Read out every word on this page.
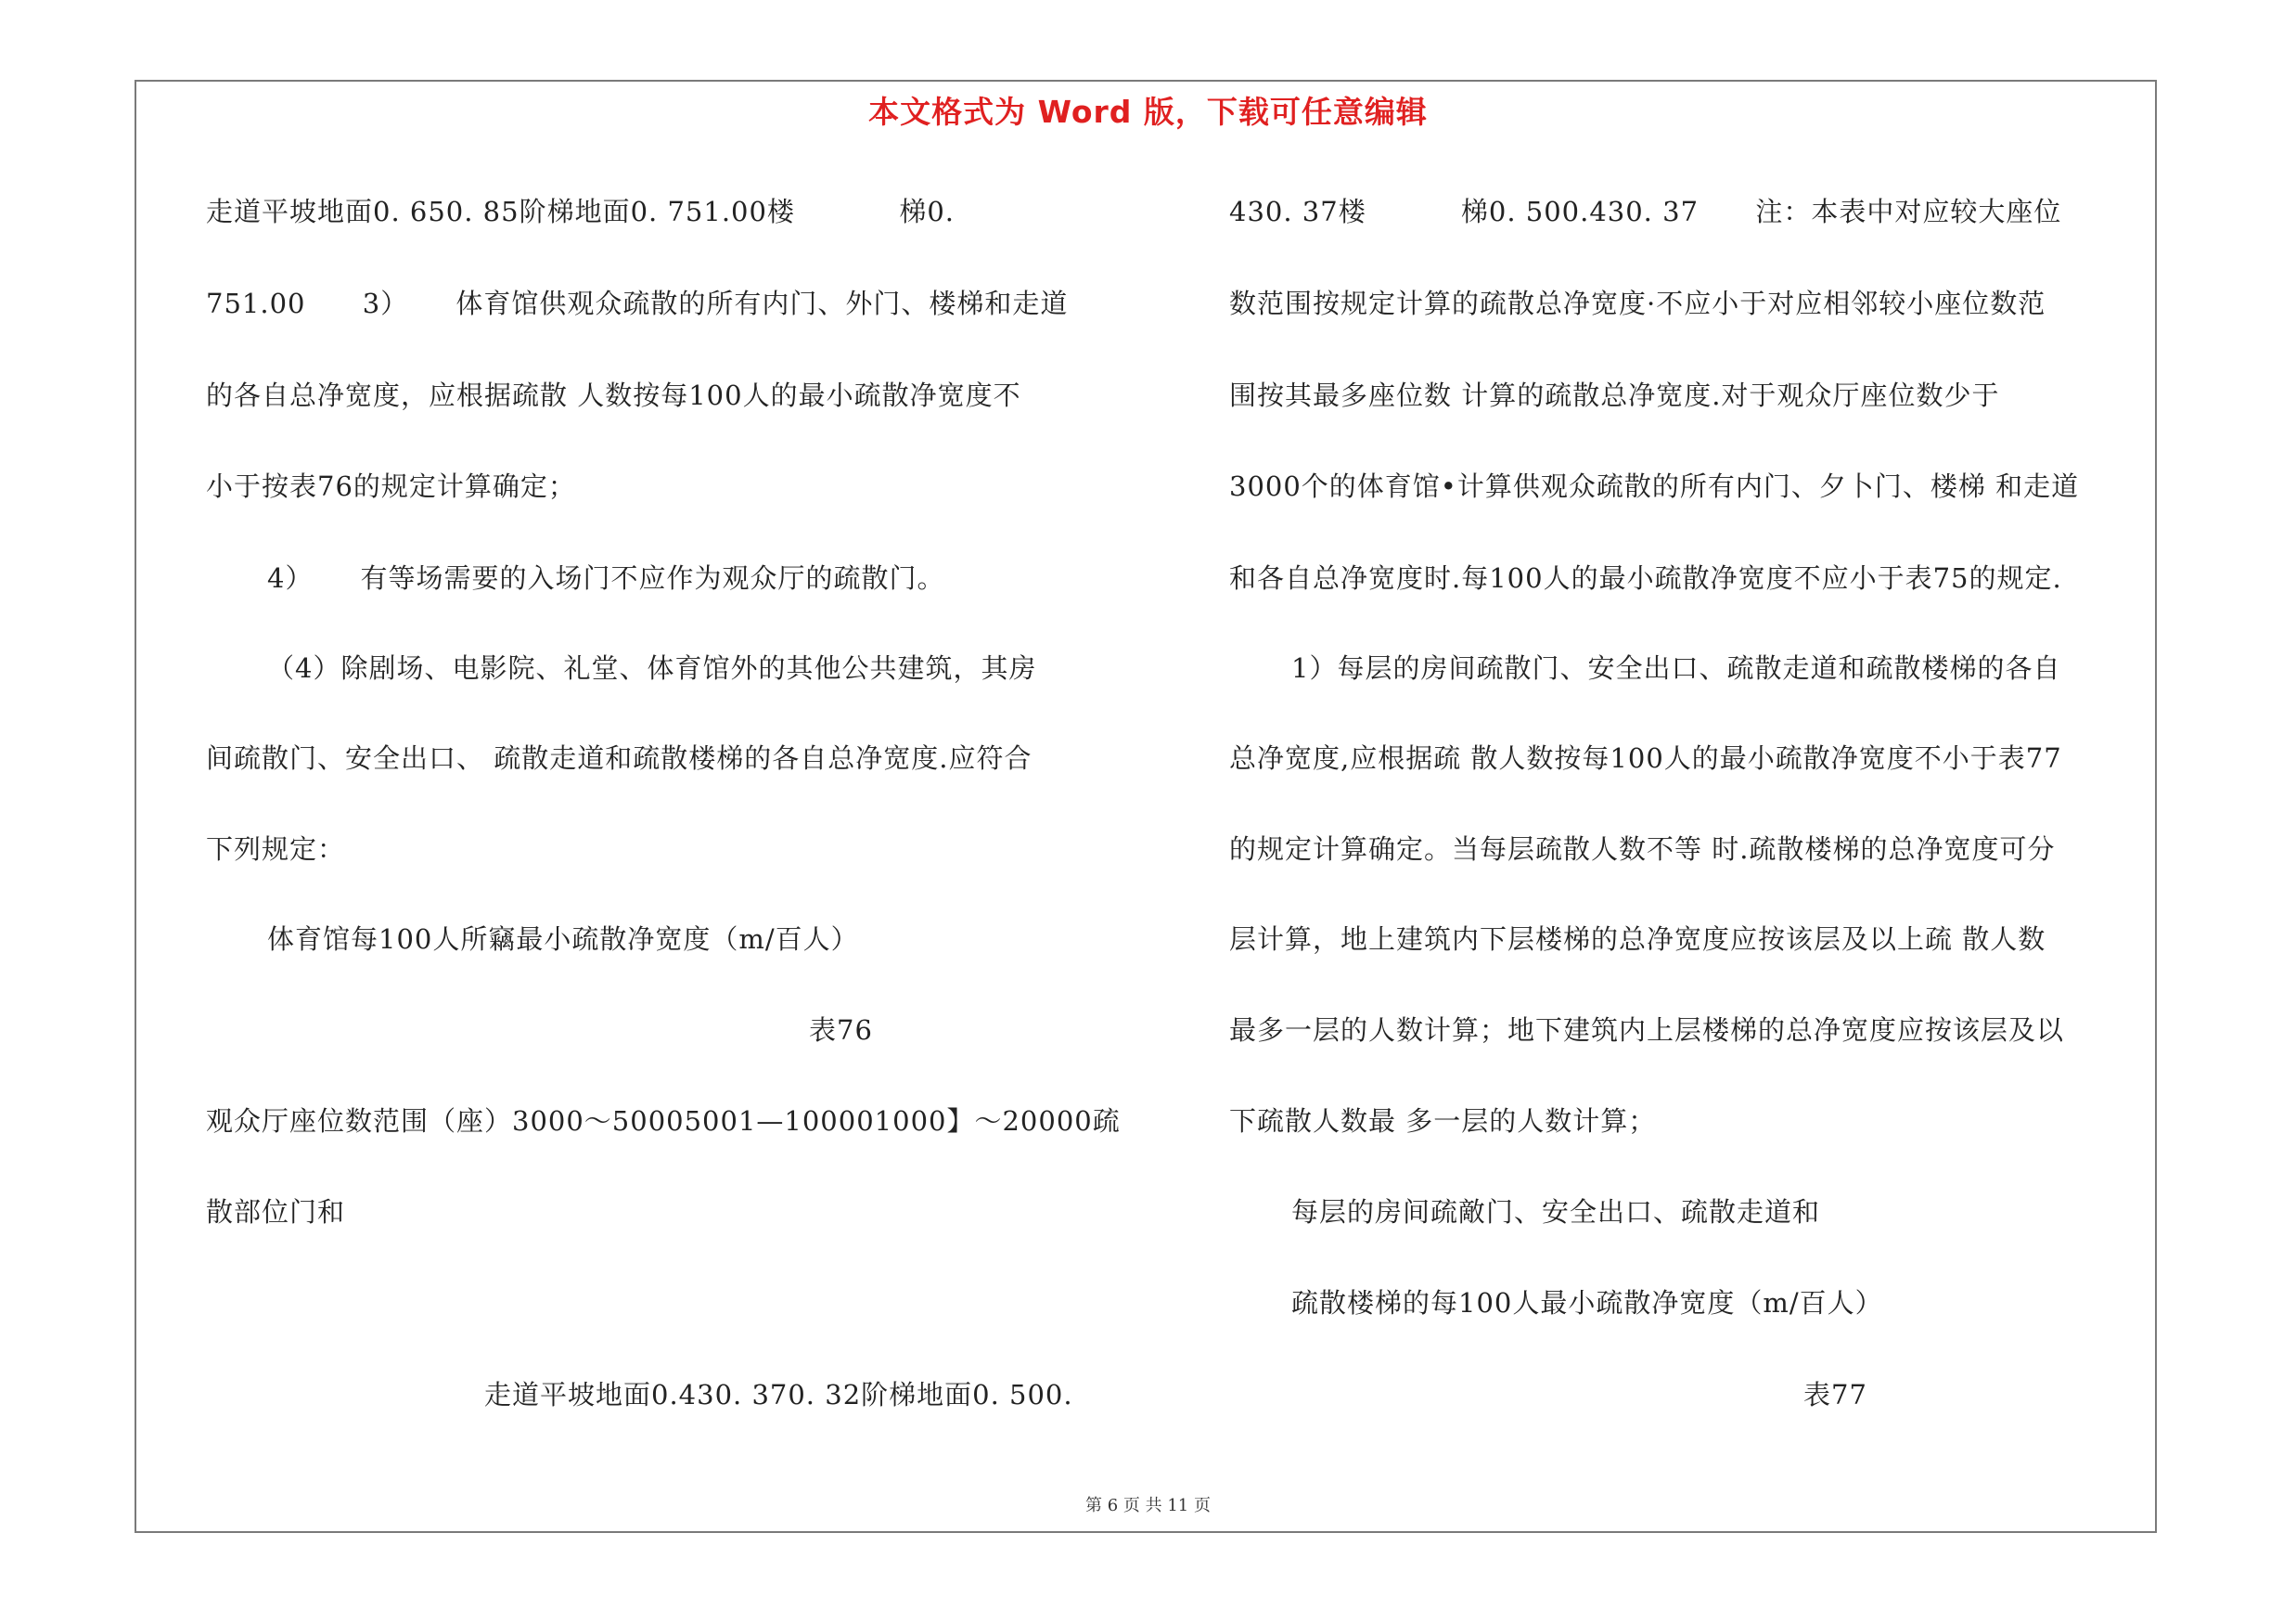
本文格式为 Word 版，下载可任意编辑
走道平坡地面0. 650. 85阶梯地面0. 751.00楼           梯0.
751.00      3）     体育馆供观众疏散的所有内门、外门、楼梯和走道
的各自总净宽度，应根据疏散 人数按每100人的最小疏散净宽度不
小于按表76的规定计算确定；
4）     有等场需要的入场门不应作为观众厅的疏散门。
（4）除剧场、电影院、礼堂、体育馆外的其他公共建筑，其房
间疏散门、安全出口、 疏散走道和疏散楼梯的各自总净宽度.应符合
下列规定：
体育馆每100人所竊最小疏散净宽度（m/百人）
表76
观众厅座位数范围（座）3000〜50005001—100001000】〜20000疏
散部位门和
走道平坡地面0.430. 370. 32阶梯地面0. 500.
430. 37楼          梯0. 500.430. 37      注：本表中对应较大座位
数范围按规定计算的疏散总净宽度·不应小于对应相邻较小座位数范
围按其最多座位数 计算的疏散总净宽度.对于观众厅座位数少于
3000个的体育馆•计算供观众疏散的所有内门、夕卜门、楼梯 和走道
和各自总净宽度时.每100人的最小疏散净宽度不应小于表75的规定.
1）每层的房间疏散门、安全出口、疏散走道和疏散楼梯的各自
总净宽度,应根据疏 散人数按每100人的最小疏散净宽度不小于表77
的规定计算确定。当每层疏散人数不等 时.疏散楼梯的总净宽度可分
层计算，地上建筑内下层楼梯的总净宽度应按该层及以上疏 散人数
最多一层的人数计算；地下建筑内上层楼梯的总净宽度应按该层及以
下疏散人数最 多一层的人数计算；
每层的房间疏敵门、安全出口、疏散走道和
疏散楼梯的每100人最小疏散净宽度（m/百人）
表77
第 6 页 共 11 页
